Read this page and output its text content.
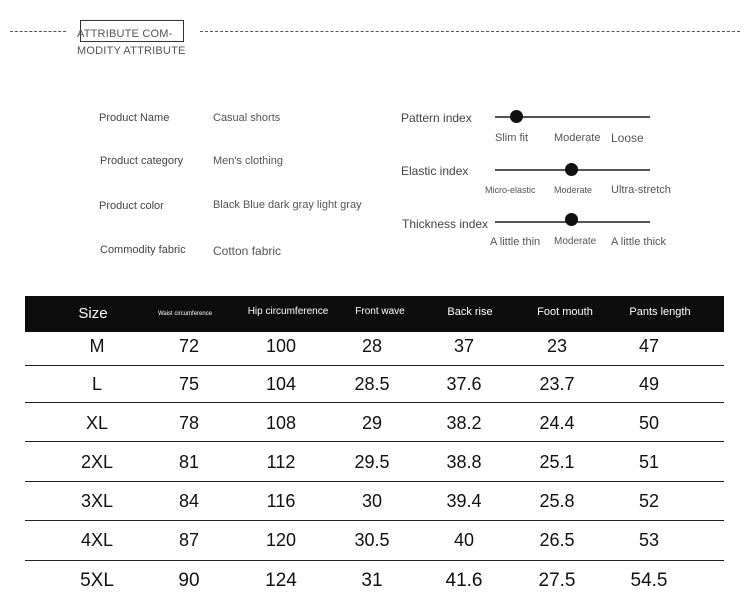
ATTRIBUTE COM-
MODITY ATTRIBUTE
Product Name	Casual shorts
Product category	Men's clothing
Product color	Black Blue dark gray light gray
Commodity fabric Cotton fabric
Pattern index
Slim fit Moderate Loose
Elastic index
Micro-elastic Moderate Ultra-stretch
Thickness index
A little thin Moderate A little thick
Size	Waist circumference	Hip circumference	Front wave	Back rise	Foot mouth	Pants length
M	72	100	28	37	23	47
L	75	104	28.5	37.6	23.7	49
XL	78	108	29	38.2	24.4	50
2XL	81	112	29.5	38.8	25.1	51
3XL	84	116	30	39.4	25.8	52
4XL	87	120	30.5	40	26.5	53
5XL	90	124	31	41.6	27.5	54.5
